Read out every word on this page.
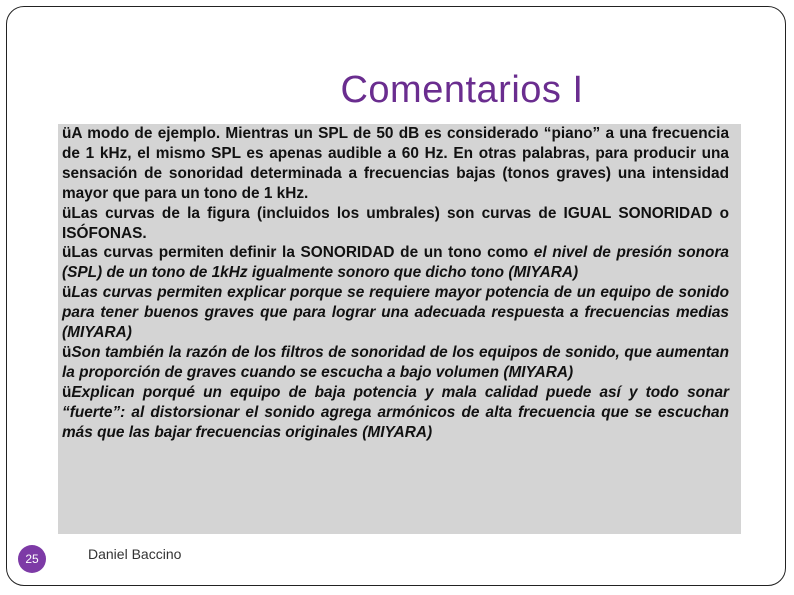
Comentarios I

üA modo de ejemplo. Mientras un SPL de 50 dB es considerado “piano” a una frecuencia de 1 kHz, el mismo SPL es apenas audible a 60 Hz. En otras palabras, para producir una sensación de sonoridad determinada a frecuencias bajas (tonos graves) una intensidad mayor que para un tono de 1 kHz.

üLas curvas de la figura (incluidos los umbrales) son curvas de IGUAL SONORIDAD o ISÓFONAS.

üLas curvas permiten definir la SONORIDAD de un tono como el nivel de presión sonora (SPL) de un tono de 1kHz igualmente sonoro que dicho tono (MIYARA)

üLas curvas permiten explicar porque se requiere mayor potencia de un equipo de sonido para tener buenos graves que para lograr una adecuada respuesta a frecuencias medias (MIYARA)

üSon también la razón de los filtros de sonoridad de los equipos de sonido, que aumentan la proporción de graves cuando se escucha a bajo volumen (MIYARA)

üExplican porqué un equipo de baja potencia y mala calidad puede así y todo sonar “fuerte”: al distorsionar el sonido agrega armónicos de alta frecuencia que se escuchan más que las bajar frecuencias originales (MIYARA)

25	Daniel Baccino
